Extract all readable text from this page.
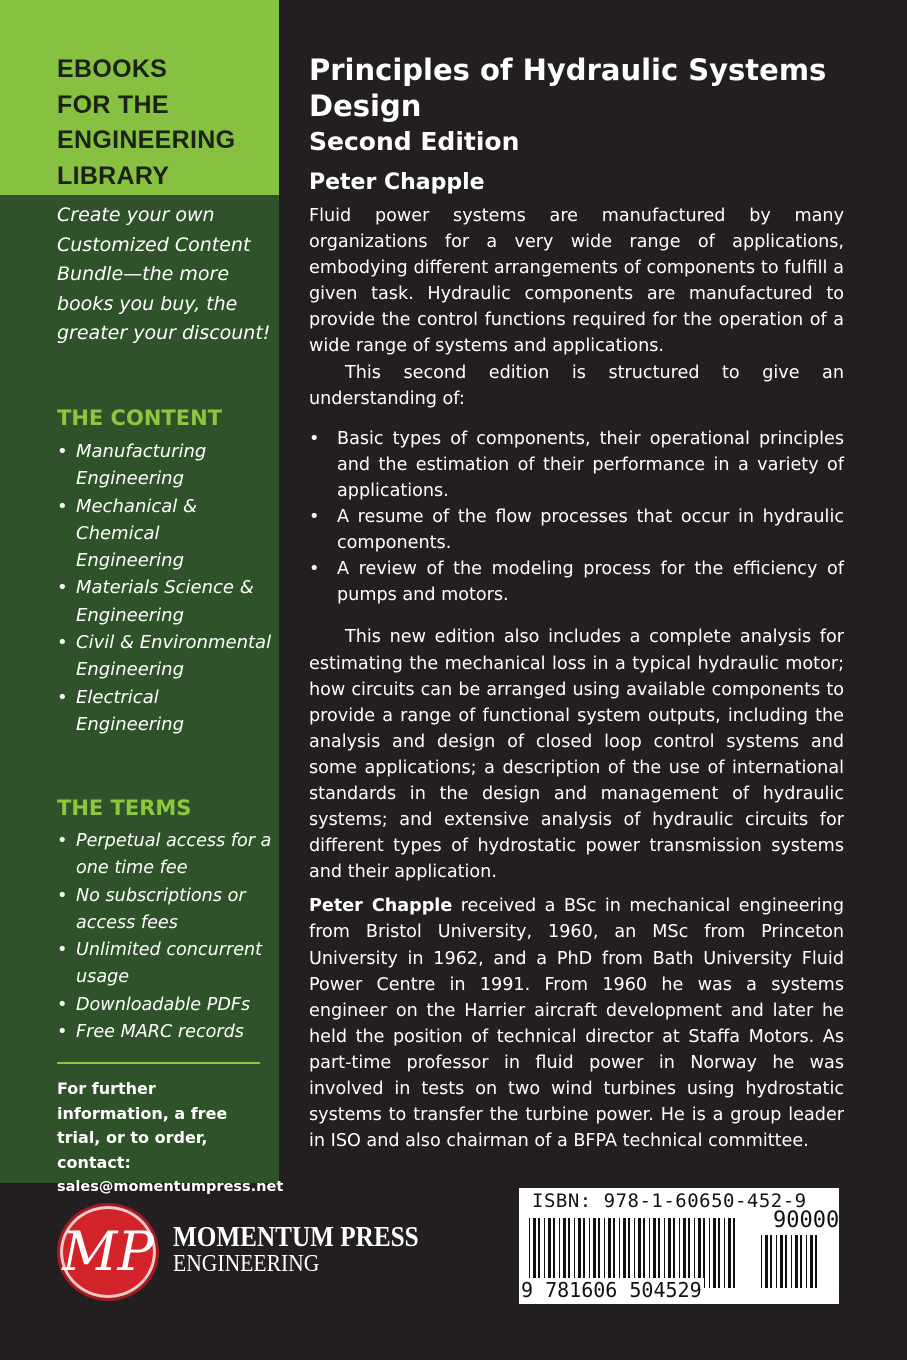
EBOOKS
FOR THE
ENGINEERING
LIBRARY
Create your own Customized Content Bundle—the more books you buy, the greater your discount!
THE CONTENT
• Manufacturing Engineering
• Mechanical & Chemical Engineering
• Materials Science & Engineering
• Civil & Environmental Engineering
• Electrical Engineering
THE TERMS
• Perpetual access for a one time fee
• No subscriptions or access fees
• Unlimited concurrent usage
• Downloadable PDFs
• Free MARC records
For further information, a free trial, or to order, contact:
sales@momentumpress.net
Principles of Hydraulic Systems Design
Second Edition
Peter Chapple

Fluid power systems are manufactured by many organizations for a very wide range of applications, embodying different arrangements of components to fulfill a given task. Hydraulic components are manufactured to provide the control functions required for the operation of a wide range of systems and applications.

This second edition is structured to give an understanding of:

• Basic types of components, their operational principles and the estimation of their performance in a variety of applications.
• A resume of the flow processes that occur in hydraulic components.
• A review of the modeling process for the efficiency of pumps and motors.

This new edition also includes a complete analysis for estimating the mechanical loss in a typical hydraulic motor; how circuits can be arranged using available components to provide a range of functional system outputs, including the analysis and design of closed loop control systems and some applications; a description of the use of international standards in the design and management of hydraulic systems; and extensive analysis of hydraulic circuits for different types of hydrostatic power transmission systems and their application.

Peter Chapple received a BSc in mechanical engineering from Bristol University, 1960, an MSc from Princeton University in 1962, and a PhD from Bath University Fluid Power Centre in 1991. From 1960 he was a systems engineer on the Harrier aircraft development and later he held the position of technical director at Staffa Motors. As part-time professor in fluid power in Norway he was involved in tests on two wind turbines using hydrostatic systems to transfer the turbine power. He is a group leader in ISO and also chairman of a BFPA technical committee.

MP MOMENTUM PRESS
ENGINEERING
ISBN: 978-1-60650-452-9
90000
9 781606 504529
